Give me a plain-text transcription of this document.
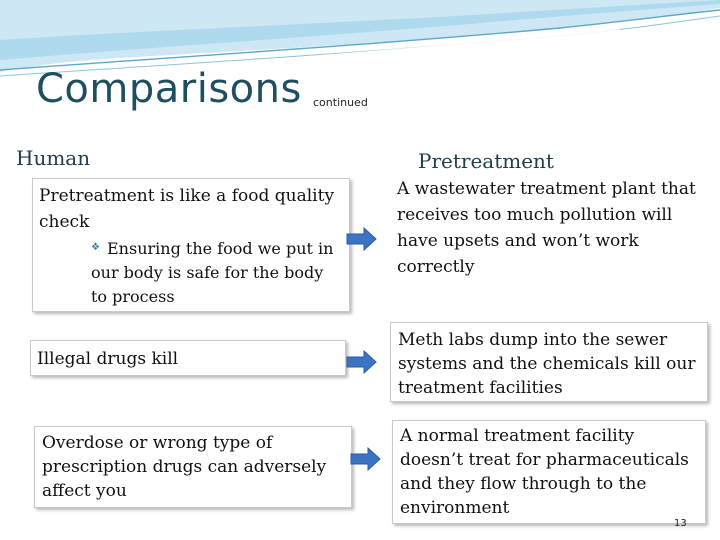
Comparisons continued
Human	Pretreatment
Pretreatment is like a food quality check
❖ Ensuring the food we put in our body is safe for the body to process
A wastewater treatment plant that receives too much pollution will have upsets and won’t work correctly
Illegal drugs kill
Meth labs dump into the sewer systems and the chemicals kill our treatment facilities
Overdose or wrong type of prescription drugs can adversely affect you
A normal treatment facility doesn’t treat for pharmaceuticals and they flow through to the environment
13
